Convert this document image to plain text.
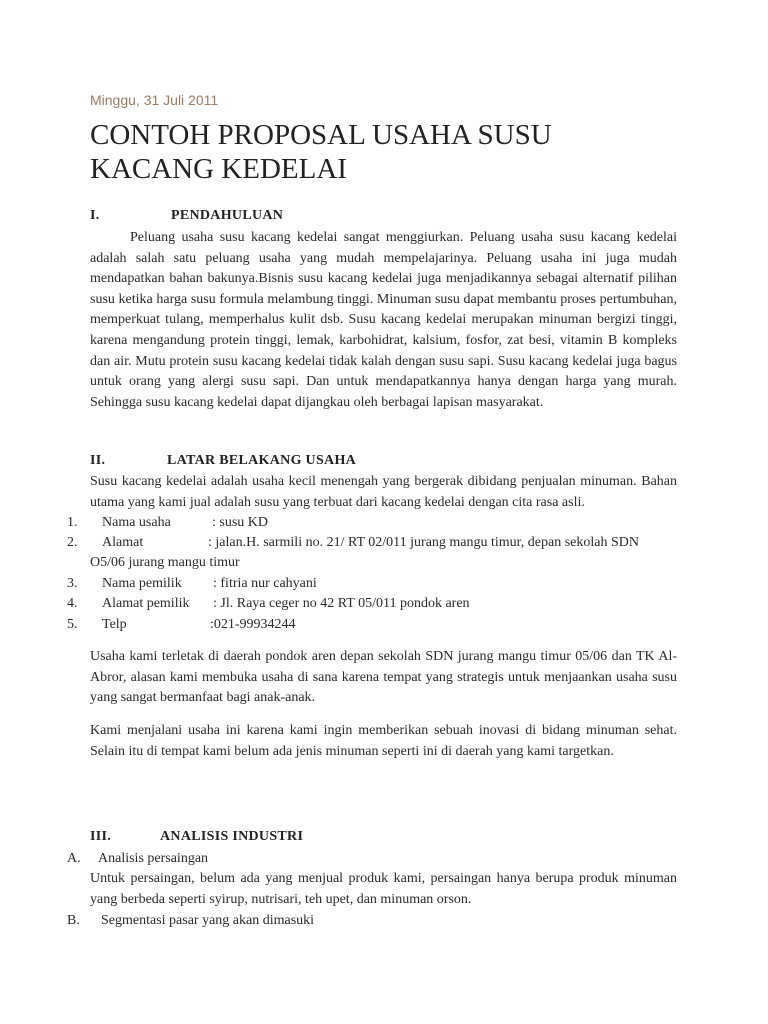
Minggu, 31 Juli 2011
CONTOH PROPOSAL USAHA SUSU KACANG KEDELAI
I.	PENDAHULUAN

Peluang usaha susu kacang kedelai sangat menggiurkan. Peluang usaha susu kacang kedelai adalah salah satu peluang usaha yang mudah mempelajarinya. Peluang usaha ini juga mudah mendapatkan bahan bakunya.Bisnis susu kacang kedelai juga menjadikannya sebagai alternatif pilihan susu ketika harga susu formula melambung tinggi. Minuman susu dapat membantu proses pertumbuhan, memperkuat tulang, memperhalus kulit dsb. Susu kacang kedelai merupakan minuman bergizi tinggi, karena mengandung protein tinggi, lemak, karbohidrat, kalsium, fosfor, zat besi, vitamin B kompleks dan air. Mutu protein susu kacang kedelai tidak kalah dengan susu sapi. Susu kacang kedelai juga bagus untuk orang yang alergi susu sapi. Dan untuk mendapatkannya hanya dengan harga yang murah. Sehingga susu kacang kedelai dapat dijangkau oleh berbagai lapisan masyarakat.

II.	LATAR BELAKANG USAHA

Susu kacang kedelai adalah usaha kecil menengah yang bergerak dibidang penjualan minuman. Bahan utama yang kami jual adalah susu yang terbuat dari kacang kedelai dengan cita rasa asli.

1. Nama usaha	: susu KD
2. Alamat	: jalan.H. sarmili no. 21/ RT 02/011 jurang mangu timur, depan sekolah SDN
O5/06 jurang mangu timur
3. Nama pemilik : fitria nur cahyani
4. Alamat pemilik : Jl. Raya ceger no 42 RT 05/011 pondok aren
5. Telp	:021-99934244

Usaha kami terletak di daerah pondok aren depan sekolah SDN jurang mangu timur 05/06 dan TK Al-Abror, alasan kami membuka usaha di sana karena tempat yang strategis untuk menjaankan usaha susu yang sangat bermanfaat bagi anak-anak.

Kami menjalani usaha ini karena kami ingin memberikan sebuah inovasi di bidang minuman sehat. Selain itu di tempat kami belum ada jenis minuman seperti ini di daerah yang kami targetkan.

III.	ANALISIS INDUSTRI
A. Analisis persaingan

Untuk persaingan, belum ada yang menjual produk kami, persaingan hanya berupa produk minuman yang berbeda seperti syirup, nutrisari, teh upet, dan minuman orson.

B. Segmentasi pasar yang akan dimasuki
